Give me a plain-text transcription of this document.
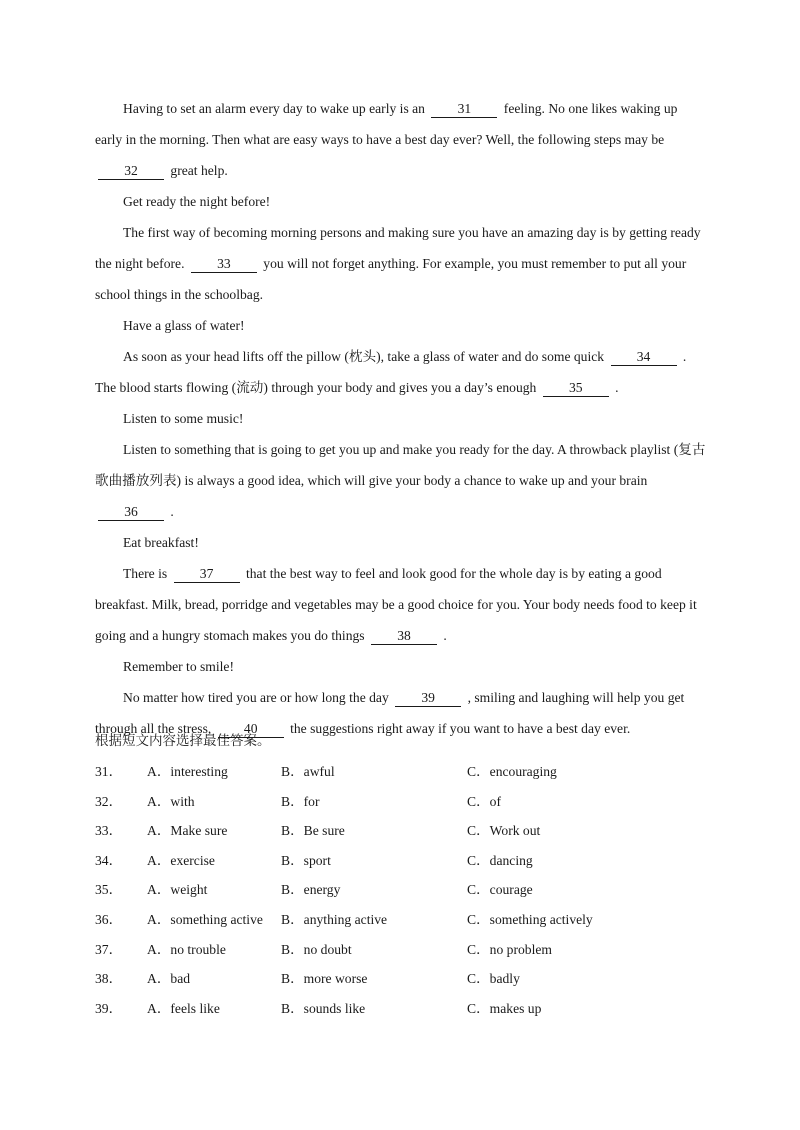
Having to set an alarm every day to wake up early is an 31 feeling. No one likes waking up early in the morning. Then what are easy ways to have a best day ever? Well, the following steps may be 32 great help.

Get ready the night before!

The first way of becoming morning persons and making sure you have an amazing day is by getting ready the night before. 33 you will not forget anything. For example, you must remember to put all your school things in the schoolbag.

Have a glass of water!

As soon as your head lifts off the pillow (枕头), take a glass of water and do some quick 34 . The blood starts flowing (流动) through your body and gives you a day’s enough 35 .

Listen to some music!

Listen to something that is going to get you up and make you ready for the day. A throwback playlist (复古歌曲播放列表) is always a good idea, which will give your body a chance to wake up and your brain 36 .

Eat breakfast!

There is 37 that the best way to feel and look good for the whole day is by eating a good breakfast. Milk, bread, porridge and vegetables may be a good choice for you. Your body needs food to keep it going and a hungry stomach makes you do things 38 .

Remember to smile!

No matter how tired you are or how long the day 39 , smiling and laughing will help you get through all the stress, 40 the suggestions right away if you want to have a best day ever.

根据短文内容选择最佳答案。
31．	A．interesting	B．awful	C．encouraging
32．	A．with	B．for	C．of
33．	A．Make sure	B．Be sure	C．Work out
34．	A．exercise	B．sport	C．dancing
35．	A．weight	B．energy	C．courage
36．	A．something active	B．anything active	C．something actively
37．	A．no trouble	B．no doubt	C．no problem
38．	A．bad	B．more worse	C．badly
39．	A．feels like	B．sounds like	C．makes up
